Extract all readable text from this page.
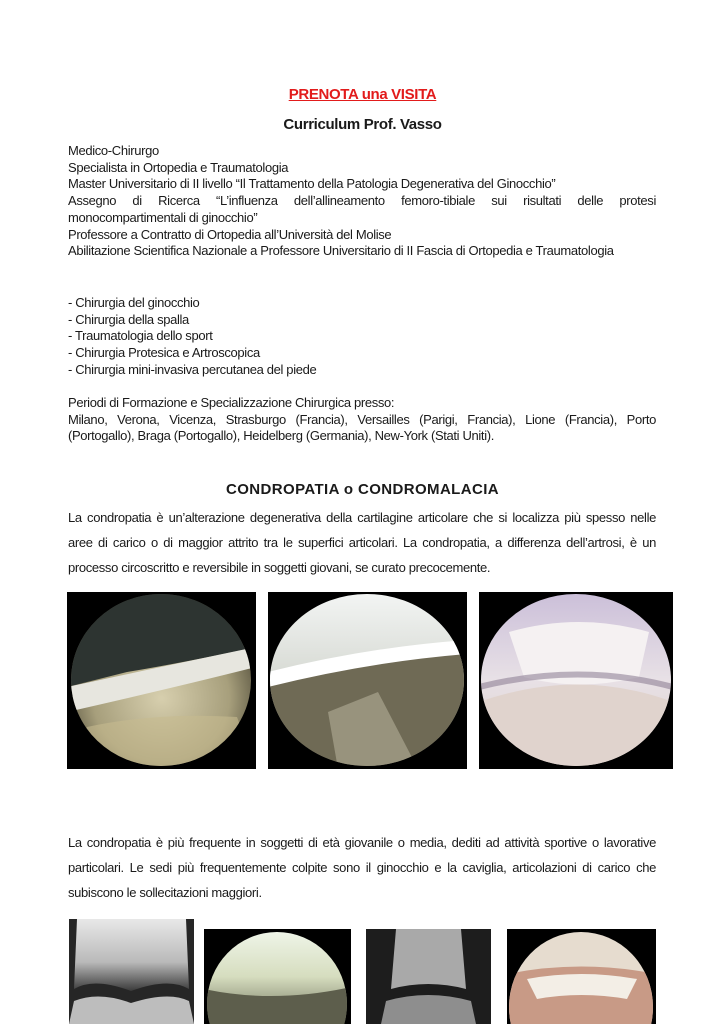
PRENOTA una VISITA
Curriculum Prof. Vasso

Medico-Chirurgo

Specialista in Ortopedia e Traumatologia

Master Universitario di II livello “Il Trattamento della Patologia Degenerativa del Ginocchio”

Assegno di Ricerca “L’influenza dell’allineamento femoro-tibiale sui risultati delle protesi monocompartimentali di ginocchio”

Professore a Contratto di Ortopedia all’Università del Molise

Abilitazione Scientifica Nazionale a Professore Universitario di II Fascia di Ortopedia e Traumatologia

- Chirurgia del ginocchio

- Chirurgia della spalla

- Traumatologia dello sport

- Chirurgia Protesica e Artroscopica

- Chirurgia mini-invasiva percutanea del piede

Periodi di Formazione e Specializzazione Chirurgica presso:

Milano, Verona, Vicenza, Strasburgo (Francia), Versailles (Parigi, Francia), Lione (Francia), Porto (Portogallo), Braga (Portogallo), Heidelberg (Germania), New-York (Stati Uniti).

CONDROPATIA o CONDROMALACIA
La condropatia è un’alterazione degenerativa della cartilagine articolare che si localizza più spesso nelle aree di carico o di maggior attrito tra le superfici articolari. La condropatia, a differenza dell’artrosi, è un processo circoscritto e reversibile in soggetti giovani, se curato precocemente.
La condropatia è più frequente in soggetti di età giovanile o media, dediti ad attività sportive o lavorative particolari. Le sedi più frequentemente colpite sono il ginocchio e la caviglia, articolazioni di carico che subiscono le sollecitazioni maggiori.
